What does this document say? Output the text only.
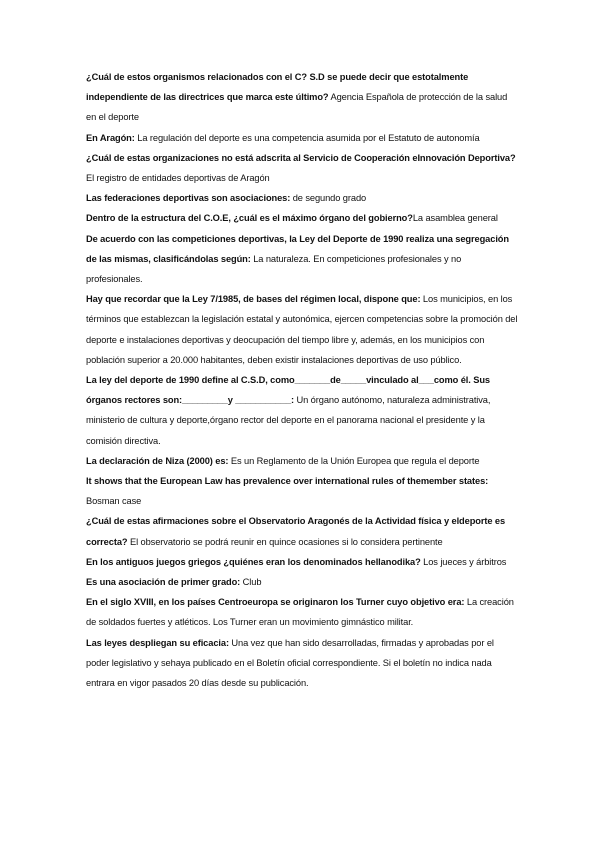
¿Cuál de estos organismos relacionados con el C? S.D se puede decir que estotalmente independiente de las directrices que marca este último? Agencia Española de protección de la salud en el deporte

En Aragón: La regulación del deporte es una competencia asumida por el Estatuto de autonomía

¿Cuál de estas organizaciones no está adscrita al Servicio de Cooperación eInnovación Deportiva? El registro de entidades deportivas de Aragón

Las federaciones deportivas son asociaciones: de segundo grado

Dentro de la estructura del C.O.E, ¿cuál es el máximo órgano del gobierno?La asamblea general

De acuerdo con las competiciones deportivas, la Ley del Deporte de 1990 realiza una segregación de las mismas, clasificándolas según: La naturaleza. En competiciones profesionales y no profesionales.

Hay que recordar que la Ley 7/1985, de bases del régimen local, dispone que: Los municipios, en los términos que establezcan la legislación estatal y autonómica, ejercen competencias sobre la promoción del deporte e instalaciones deportivas y deocupación del tiempo libre y, además, en los municipios con población superior a 20.000 habitantes, deben existir instalaciones deportivas de uso público.

La ley del deporte de 1990 define al C.S.D, como_______de_____vinculado al___como él. Sus órganos rectores son:_________y ___________: Un órgano autónomo, naturaleza administrativa, ministerio de cultura y deporte,órgano rector del deporte en el panorama nacional el presidente y la comisión directiva.

La declaración de Niza (2000) es: Es un Reglamento de la Unión Europea que regula el deporte

It shows that the European Law has prevalence over international rules of themember states: Bosman case

¿Cuál de estas afirmaciones sobre el Observatorio Aragonés de la Actividad física y eldeporte es correcta? El observatorio se podrá reunir en quince ocasiones si lo considera pertinente

En los antiguos juegos griegos ¿quiénes eran los denominados hellanodika? Los jueces y árbitros

Es una asociación de primer grado: Club

En el siglo XVIII, en los países Centroeuropa se originaron los Turner cuyo objetivo era: La creación de soldados fuertes y atléticos. Los Turner eran un movimiento gimnástico militar.

Las leyes despliegan su eficacia: Una vez que han sido desarrolladas, firmadas y aprobadas por el poder legislativo y sehaya publicado en el Boletín oficial correspondiente. Si el boletín no indica nada entrara en vigor pasados 20 días desde su publicación.
